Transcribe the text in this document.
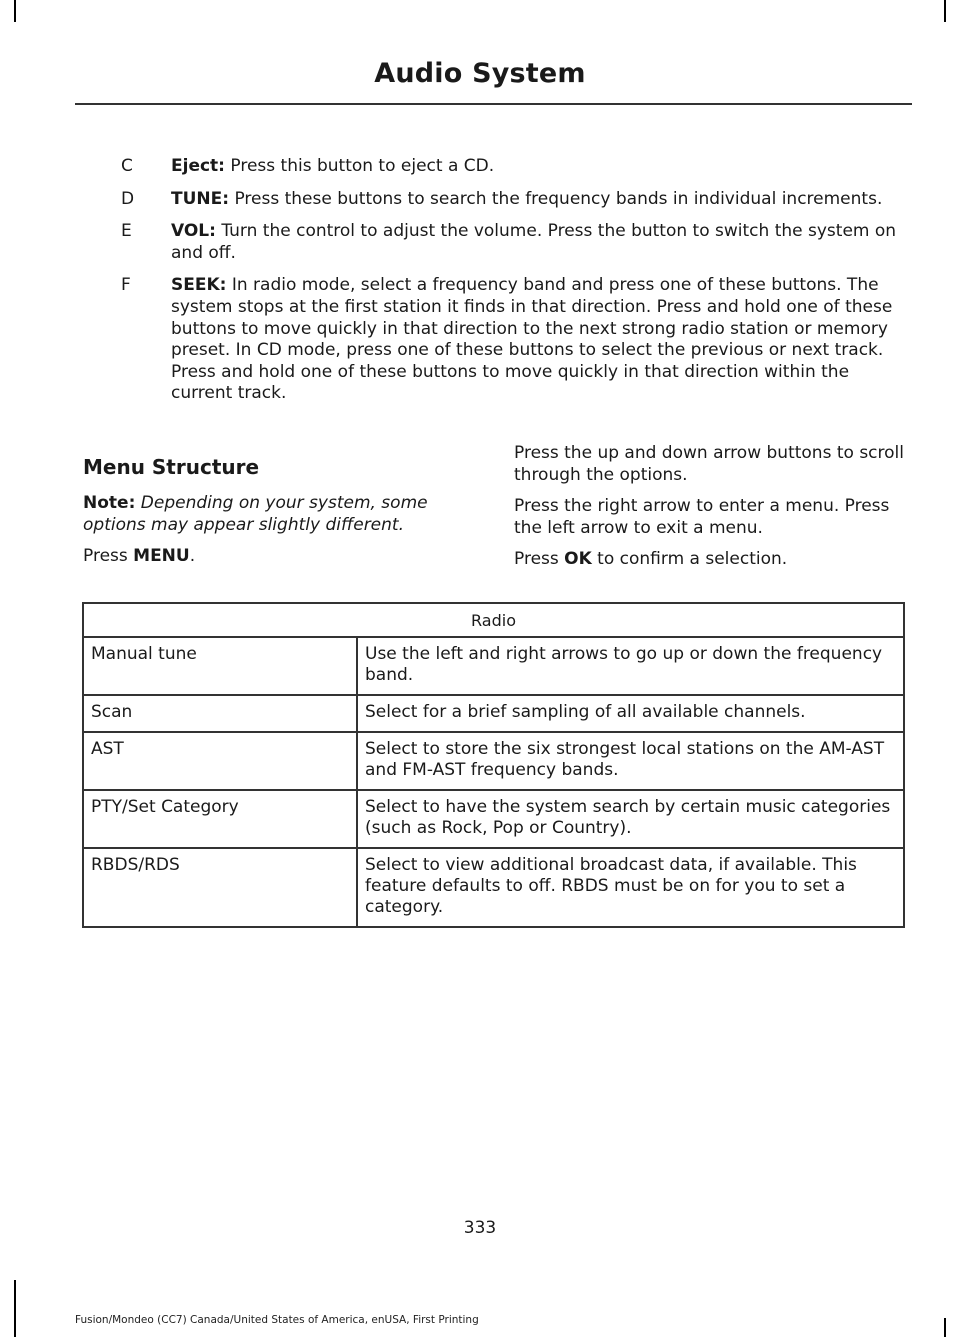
Audio System
C	Eject: Press this button to eject a CD.
D	TUNE: Press these buttons to search the frequency bands in individual increments.
E	VOL: Turn the control to adjust the volume. Press the button to switch the system on and off.
F	SEEK: In radio mode, select a frequency band and press one of these buttons. The system stops at the first station it finds in that direction. Press and hold one of these buttons to move quickly in that direction to the next strong radio station or memory preset. In CD mode, press one of these buttons to select the previous or next track. Press and hold one of these buttons to move quickly in that direction within the current track.
Menu Structure

Note: Depending on your system, some options may appear slightly different.

Press MENU.

Press the up and down arrow buttons to scroll through the options.

Press the right arrow to enter a menu. Press the left arrow to exit a menu.

Press OK to confirm a selection.

Radio	
Manual tune	Use the left and right arrows to go up or down the frequency band.
Scan	Select for a brief sampling of all available channels.
AST	Select to store the six strongest local stations on the AM-AST and FM-AST frequency bands.
PTY/Set Category	Select to have the system search by certain music categories (such as Rock, Pop or Country).
RBDS/RDS	Select to view additional broadcast data, if available. This feature defaults to off. RBDS must be on for you to set a category.
333
Fusion/Mondeo (CC7) Canada/United States of America, enUSA, First Printing
